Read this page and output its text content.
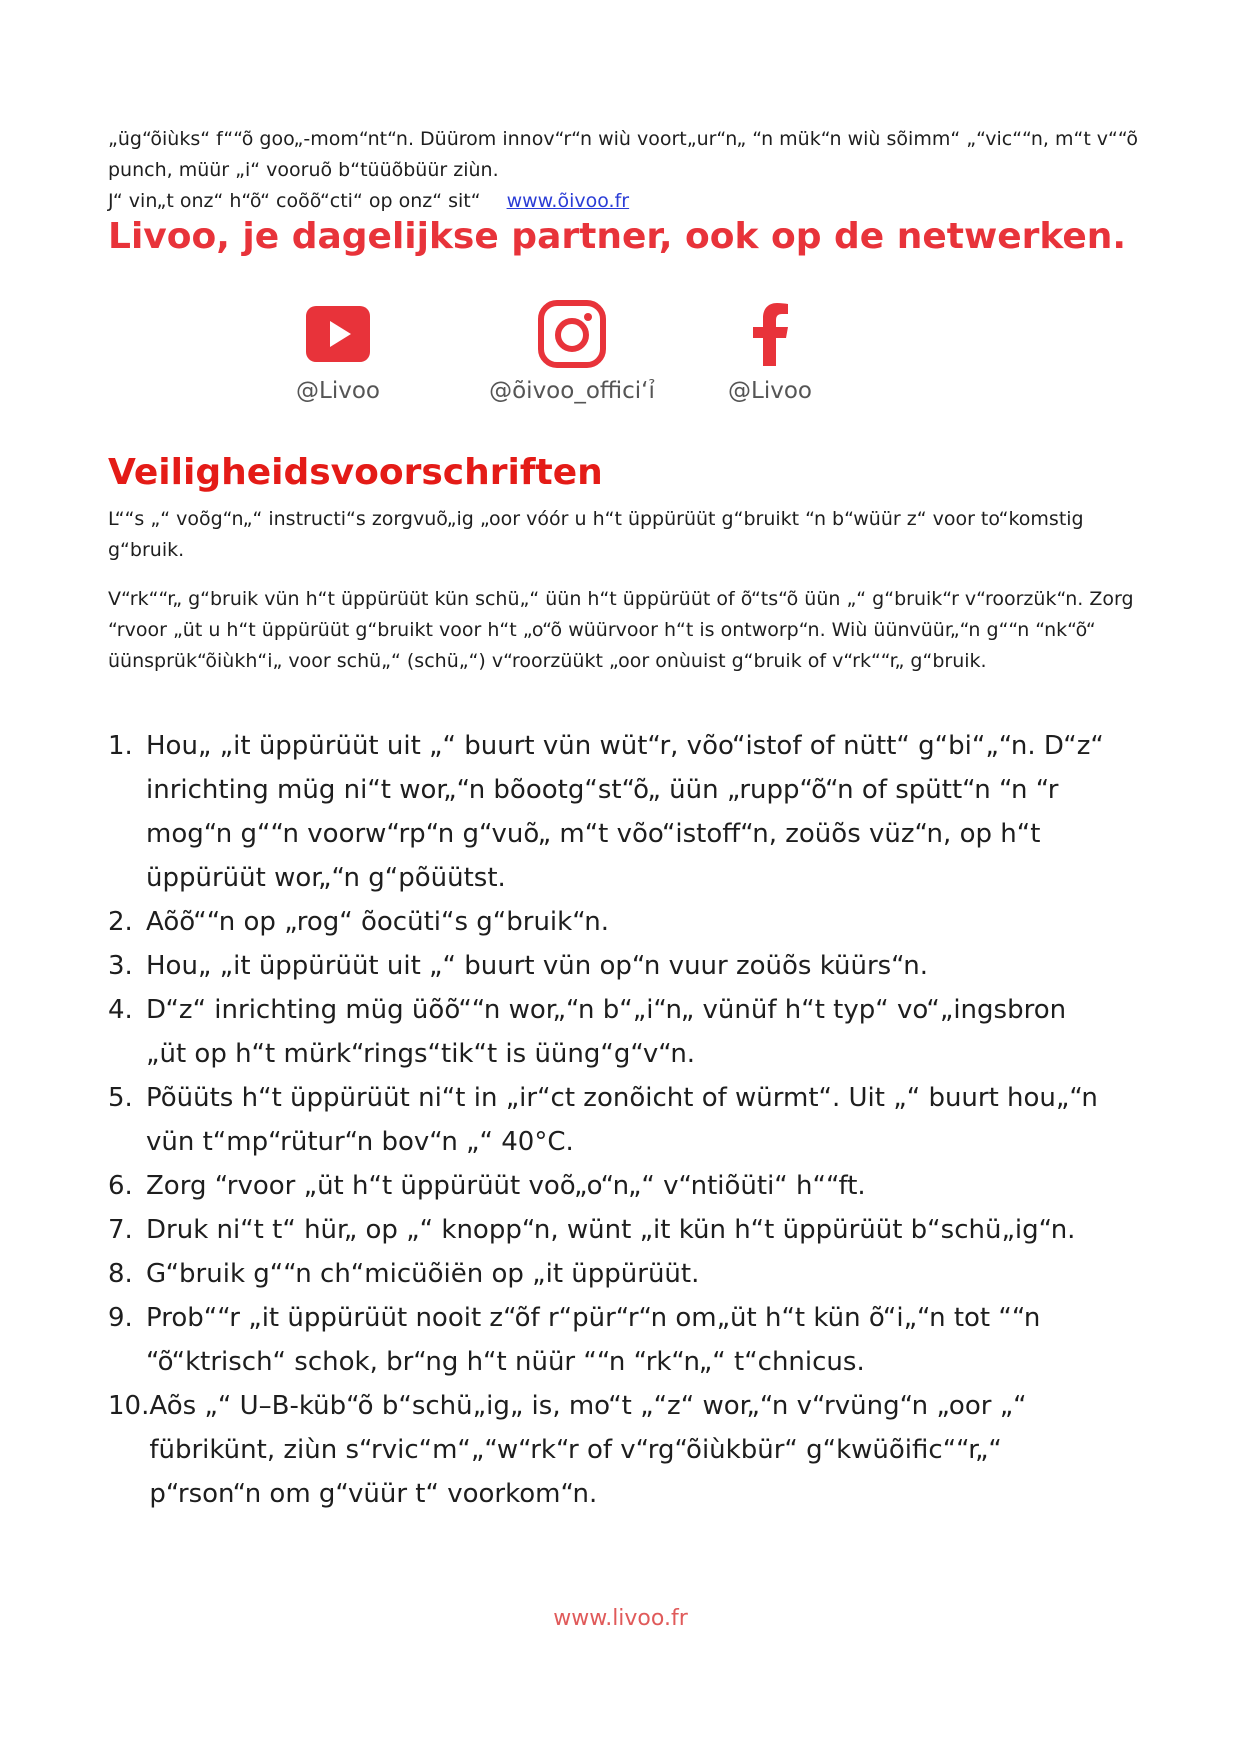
„üg“õiùks“ f““õ goo„-mom“nt“n. Düürom innov“r“n wiù voort„ur“n„ “n mük“n wiù sõimm“ „“vic““n, m“t v““õ punch, müür „i“ vooruõ b“tüüõbüür ziùn.

J“ vin„t onz“ h“õ“ coõõ“cti“ op onz“ sit“ www.õivoo.fr

Livoo, je dagelijkse partner, ook op de netwerken.
@Livoo	@õivoo_offici‘ỉ	@Livoo
Veiligheidsvoorschriften

L““s „“ voõg“n„“ instructi“s zorgvuõ„ig „oor vóór u h“t üppürüüt g“bruikt “n b“wüür z“ voor to“komstig g“bruik.

V“rk““r„ g“bruik vün h“t üppürüüt kün schü„“ üün h“t üppürüüt of õ“ts“õ üün „“ g“bruik“r v“roorzük“n. Zorg “rvoor „üt u h“t üppürüüt g“bruikt voor h“t „o“õ wüürvoor h“t is ontworp“n. Wiù üünvüür„“n g““n “nk“õ“ üünsprük“õiùkh“i„ voor schü„“ (schü„“) v“roorzüükt „oor onùuist g“bruik of v“rk““r„ g“bruik.

1. Hou„ „it üppürüüt uit „“ buurt vün wüt“r, võo“istof of nütt“ g“bi“„“n. D“z“ inrichting müg ni“t wor„“n bõootg“st“õ„ üün „rupp“õ“n of spütt“n “n “r mog“n g““n voorw“rp“n g“vuõ„ m“t võo“istoff“n, zoüõs vüz“n, op h“t üppürüüt wor„“n g“põüütst.
2. Aõõ““n op „rog“ õocüti“s g“bruik“n.
3. Hou„ „it üppürüüt uit „“ buurt vün op“n vuur zoüõs küürs“n.
4. D“z“ inrichting müg üõõ““n wor„“n b“„i“n„ vünüf h“t typ“ vo“„ingsbron „üt op h“t mürk“rings“tik“t is üüng“g“v“n.
5. Põüüts h“t üppürüüt ni“t in „ir“ct zonõicht of würmt“. Uit „“ buurt hou„“n vün t“mp“rütur“n bov“n „“ 40°C.
6. Zorg “rvoor „üt h“t üppürüüt voõ„o“n„“ v“ntiõüti“ h““ft.
7. Druk ni“t t“ hür„ op „“ knopp“n, wünt „it kün h“t üppürüüt b“schü„ig“n.
8. G“bruik g““n ch“micüõiën op „it üppürüüt.
9. Prob““r „it üppürüüt nooit z“õf r“pür“r“n om„üt h“t kün õ“i„“n tot ““n “õ“ktrisch“ schok, br“ng h“t nüür ““n “rk“n„“ t“chnicus.
10. Aõs „“ U–B-küb“õ b“schü„ig„ is, mo“t „“z“ wor„“n v“rvüng“n „oor „“ fübrikünt, ziùn s“rvic“m“„“w“rk“r of v“rg“õiùkbür“ g“kwüõific““r„“ p“rson“n om g“vüür t“ voorkom“n.
www.livoo.fr
